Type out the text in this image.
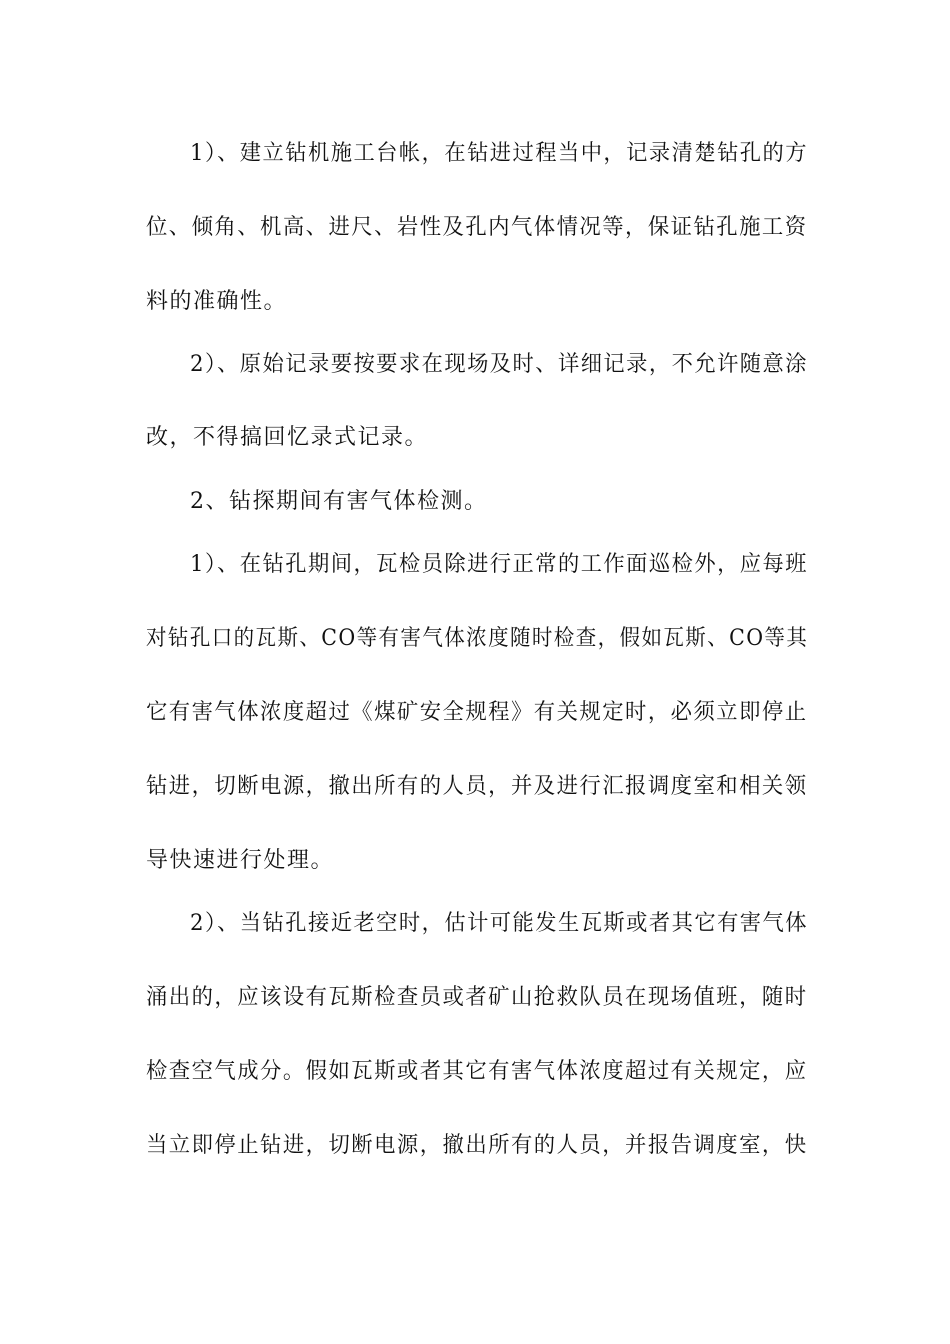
1）、建立钻机施工台帐，在钻进过程当中，记录清楚钻孔的方
位、倾角、机高、进尺、岩性及孔内气体情况等，保证钻孔施工资
料的准确性。
2）、原始记录要按要求在现场及时、详细记录，不允许随意涂
改，不得搞回忆录式记录。
2、钻探期间有害气体检测。
1）、在钻孔期间，瓦检员除进行正常的工作面巡检外，应每班
对钻孔口的瓦斯、CO等有害气体浓度随时检查，假如瓦斯、CO等其
它有害气体浓度超过《煤矿安全规程》有关规定时，必须立即停止
钻进，切断电源，撤出所有的人员，并及进行汇报调度室和相关领
导快速进行处理。
2）、当钻孔接近老空时，估计可能发生瓦斯或者其它有害气体
涌出的，应该设有瓦斯检查员或者矿山抢救队员在现场值班，随时
检查空气成分。假如瓦斯或者其它有害气体浓度超过有关规定，应
当立即停止钻进，切断电源，撤出所有的人员，并报告调度室，快
